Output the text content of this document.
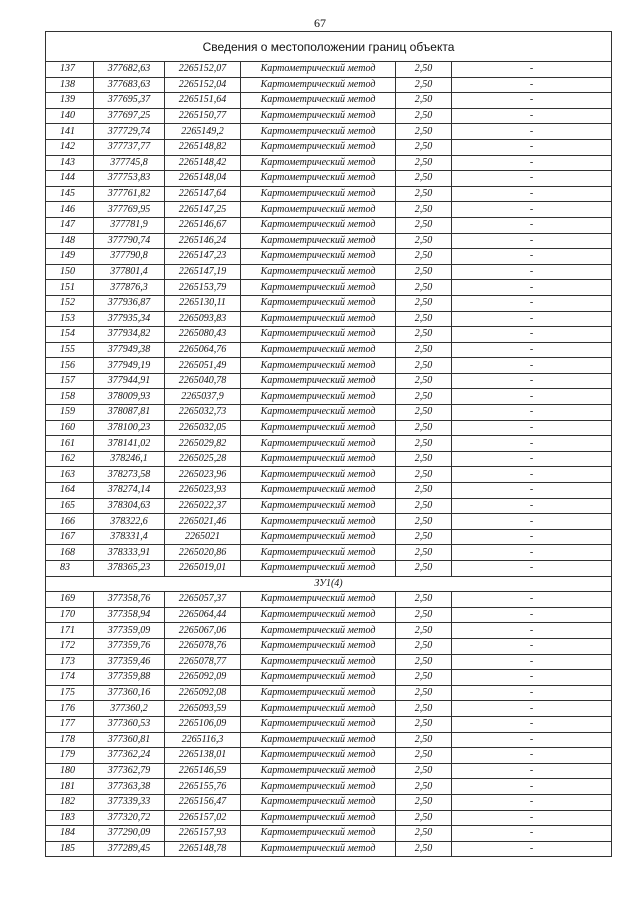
67
Сведения о местоположении границ объекта					
137	377682,63	2265152,07	Картометрический метод	2,50	-
138	377683,63	2265152,04	Картометрический метод	2,50	-
139	377695,37	2265151,64	Картометрический метод	2,50	-
140	377697,25	2265150,77	Картометрический метод	2,50	-
141	377729,74	2265149,2	Картометрический метод	2,50	-
142	377737,77	2265148,82	Картометрический метод	2,50	-
143	377745,8	2265148,42	Картометрический метод	2,50	-
144	377753,83	2265148,04	Картометрический метод	2,50	-
145	377761,82	2265147,64	Картометрический метод	2,50	-
146	377769,95	2265147,25	Картометрический метод	2,50	-
147	377781,9	2265146,67	Картометрический метод	2,50	-
148	377790,74	2265146,24	Картометрический метод	2,50	-
149	377790,8	2265147,23	Картометрический метод	2,50	-
150	377801,4	2265147,19	Картометрический метод	2,50	-
151	377876,3	2265153,79	Картометрический метод	2,50	-
152	377936,87	2265130,11	Картометрический метод	2,50	-
153	377935,34	2265093,83	Картометрический метод	2,50	-
154	377934,82	2265080,43	Картометрический метод	2,50	-
155	377949,38	2265064,76	Картометрический метод	2,50	-
156	377949,19	2265051,49	Картометрический метод	2,50	-
157	377944,91	2265040,78	Картометрический метод	2,50	-
158	378009,93	2265037,9	Картометрический метод	2,50	-
159	378087,81	2265032,73	Картометрический метод	2,50	-
160	378100,23	2265032,05	Картометрический метод	2,50	-
161	378141,02	2265029,82	Картометрический метод	2,50	-
162	378246,1	2265025,28	Картометрический метод	2,50	-
163	378273,58	2265023,96	Картометрический метод	2,50	-
164	378274,14	2265023,93	Картометрический метод	2,50	-
165	378304,63	2265022,37	Картометрический метод	2,50	-
166	378322,6	2265021,46	Картометрический метод	2,50	-
167	378331,4	2265021	Картометрический метод	2,50	-
168	378333,91	2265020,86	Картометрический метод	2,50	-
83	378365,23	2265019,01	Картометрический метод	2,50	-
ЗУ1(4)					
169	377358,76	2265057,37	Картометрический метод	2,50	-
170	377358,94	2265064,44	Картометрический метод	2,50	-
171	377359,09	2265067,06	Картометрический метод	2,50	-
172	377359,76	2265078,76	Картометрический метод	2,50	-
173	377359,46	2265078,77	Картометрический метод	2,50	-
174	377359,88	2265092,09	Картометрический метод	2,50	-
175	377360,16	2265092,08	Картометрический метод	2,50	-
176	377360,2	2265093,59	Картометрический метод	2,50	-
177	377360,53	2265106,09	Картометрический метод	2,50	-
178	377360,81	2265116,3	Картометрический метод	2,50	-
179	377362,24	2265138,01	Картометрический метод	2,50	-
180	377362,79	2265146,59	Картометрический метод	2,50	-
181	377363,38	2265155,76	Картометрический метод	2,50	-
182	377339,33	2265156,47	Картометрический метод	2,50	-
183	377320,72	2265157,02	Картометрический метод	2,50	-
184	377290,09	2265157,93	Картометрический метод	2,50	-
185	377289,45	2265148,78	Картометрический метод	2,50	-
